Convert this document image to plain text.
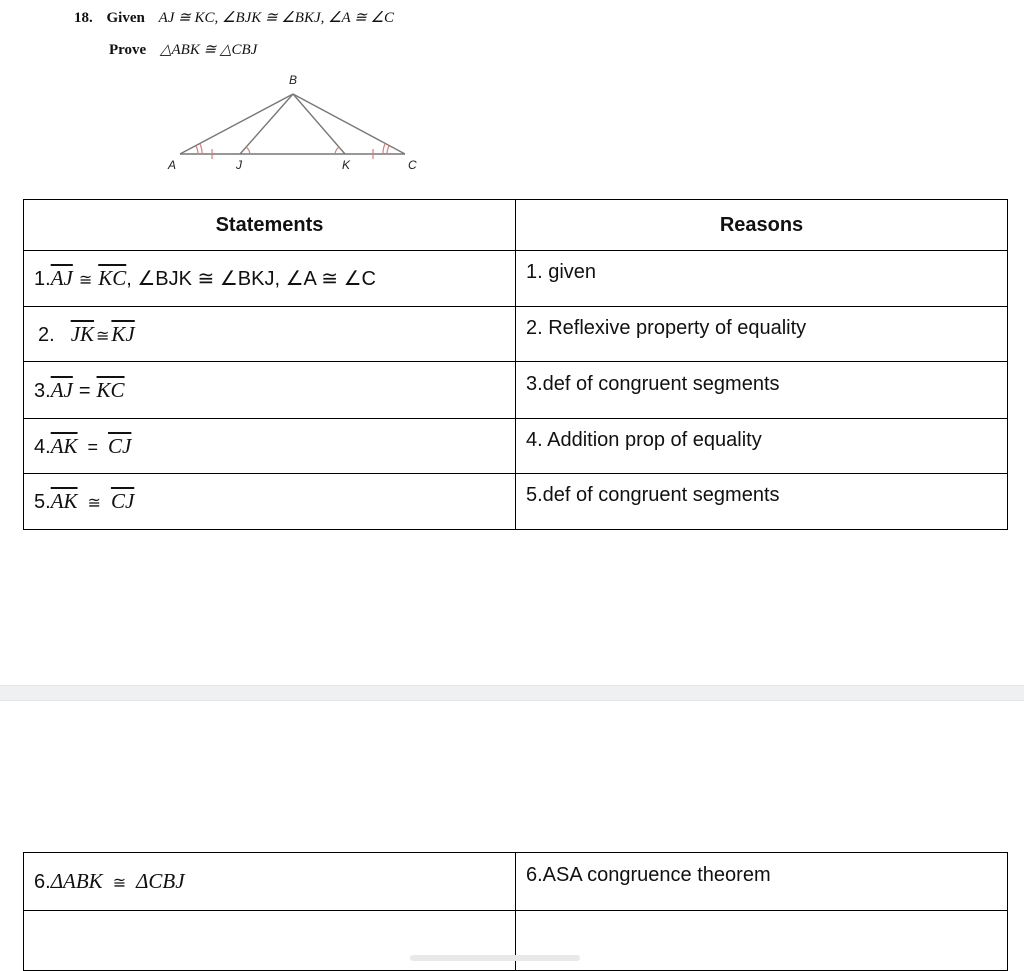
18. Given AJ ≅ KC, ∠BJK ≅ ∠BKJ, ∠A ≅ ∠C
Prove △ABK ≅ △CBJ
B
A	J	K	C
Statements	Reasons
$1.\overline{AJ}$ ≅ $\overline{KC}$, ∠BJK ≅ ∠BKJ, ∠A ≅ ∠C	1. given
2. $\overline{JK}$ $≅\overline{KJ}$	2. Reflexive property of equality
$3.\overline{AJ} = \overline{KC}$	3.def of congruent segments
$4.\overline{AK} = \overline{CJ}$	4. Addition prop of equality
$5.\overline{AK}$ ≅ $\overline{CJ}$	5.def of congruent segments
6.ΔABK ≅ ΔCBJ	6.ASA congruence theorem
